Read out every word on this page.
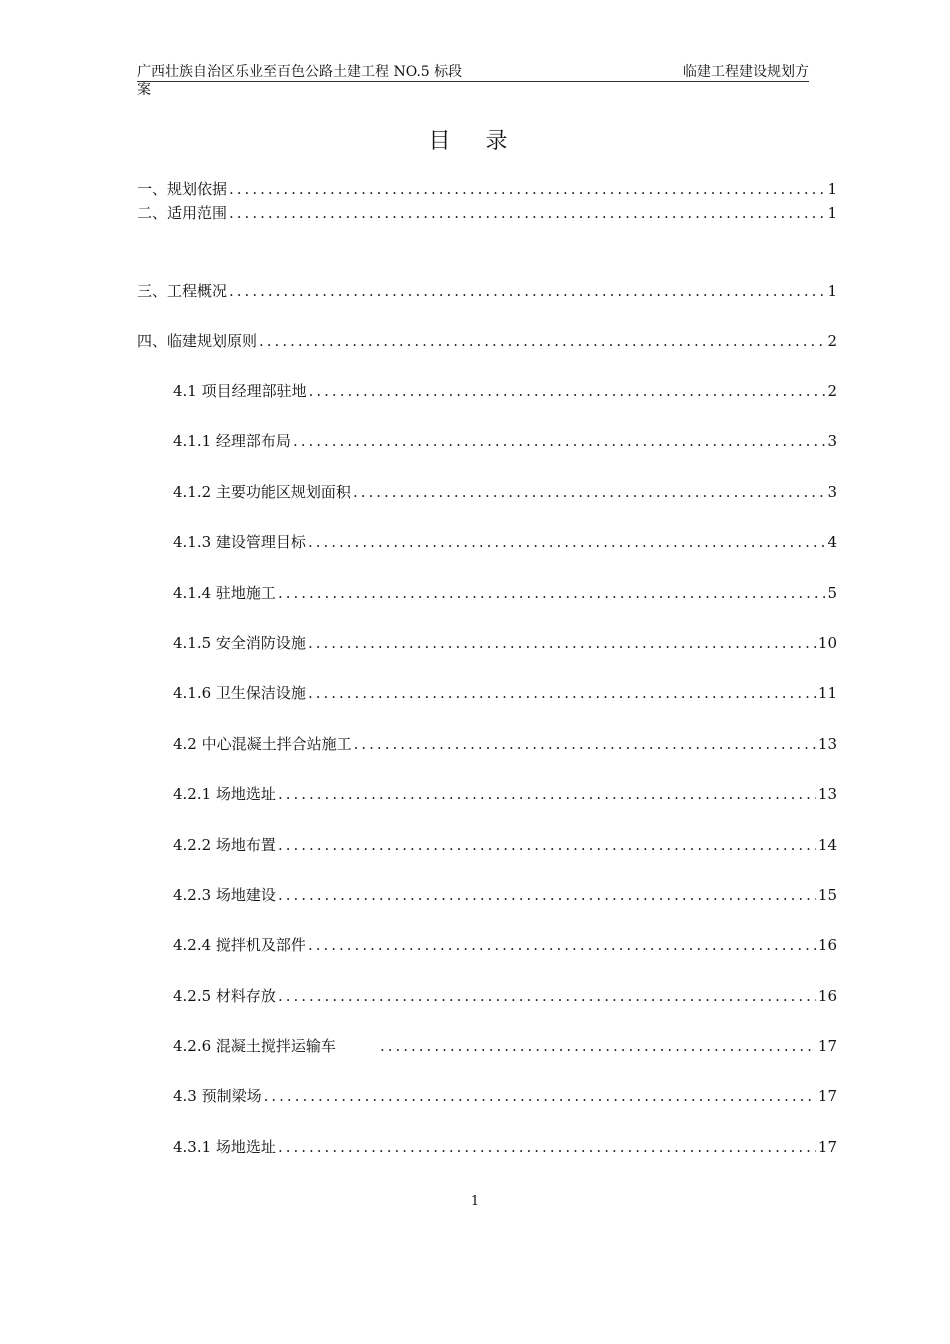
广西壮族自治区乐业至百色公路土建工程 NO.5 标段	临建工程建设规划方
案
目 录
一、规划依据 .....	1
二、适用范围 .....	1
三、工程概况 .....	1
四、临建规划原则 .....	2
4.1 项目经理部驻地 .....	2
4.1.1 经理部布局 .....	3
4.1.2 主要功能区规划面积 .....	3
4.1.3 建设管理目标 .....	4
4.1.4 驻地施工 .....	5
4.1.5 安全消防设施 .....	10
4.1.6 卫生保洁设施 .....	11
4.2 中心混凝土拌合站施工 .....	13
4.2.1 场地选址 .....	13
4.2.2 场地布置 .....	14
4.2.3 场地建设 .....	15
4.2.4 搅拌机及部件 .....	16
4.2.5 材料存放 .....	16
4.2.6 混凝土搅拌运输车 .....	17
4.3 预制梁场 .....	17
4.3.1 场地选址 .....	17
1
